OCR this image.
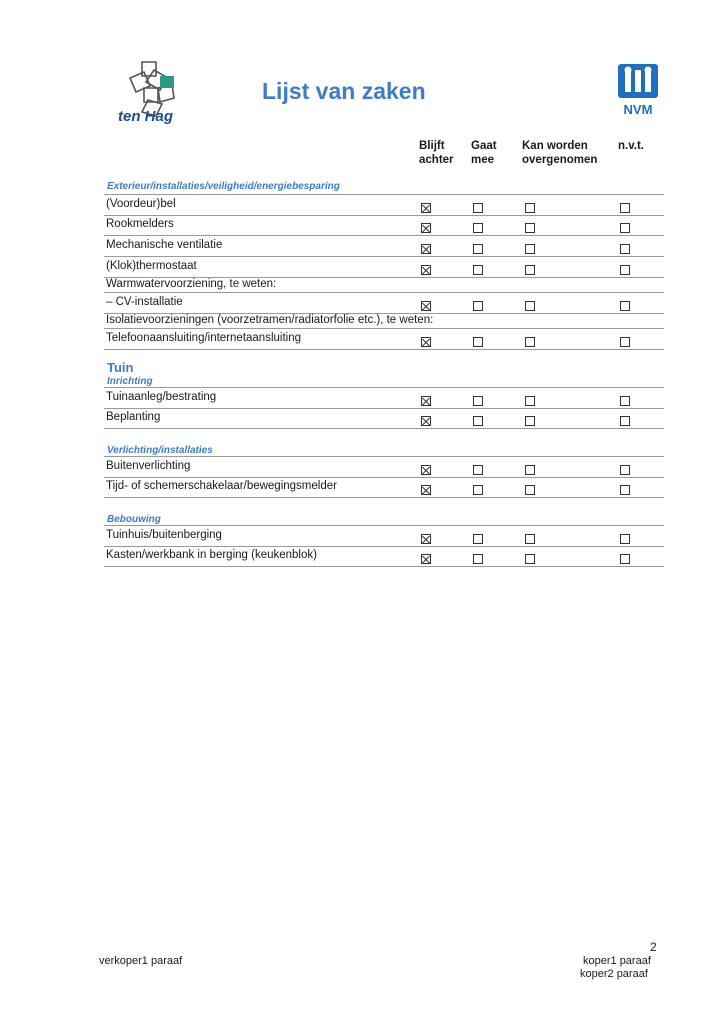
ten Hag
Lijst van zaken
NVM
Blijft
achter
Gaat
mee
Kan worden
overgenomen
n.v.t.
Exterieur/installaties/veiligheid/energiebesparing
Tuin
Inrichting
Verlichting/installaties
Bebouwing
(Voordeur)bel
Rookmelders
Mechanische ventilatie
(Klok)thermostaat
Warmwatervoorziening, te weten:
– CV-installatie
Isolatievoorzieningen (voorzetramen/radiatorfolie etc.), te weten:
Telefoonaansluiting/internetaansluiting
Tuinaanleg/bestrating
Beplanting
Buitenverlichting
Tijd- of schemerschakelaar/bewegingsmelder
Tuinhuis/buitenberging
Kasten/werkbank in berging (keukenblok)
verkoper1 paraaf
2
koper1 paraaf
koper2 paraaf
